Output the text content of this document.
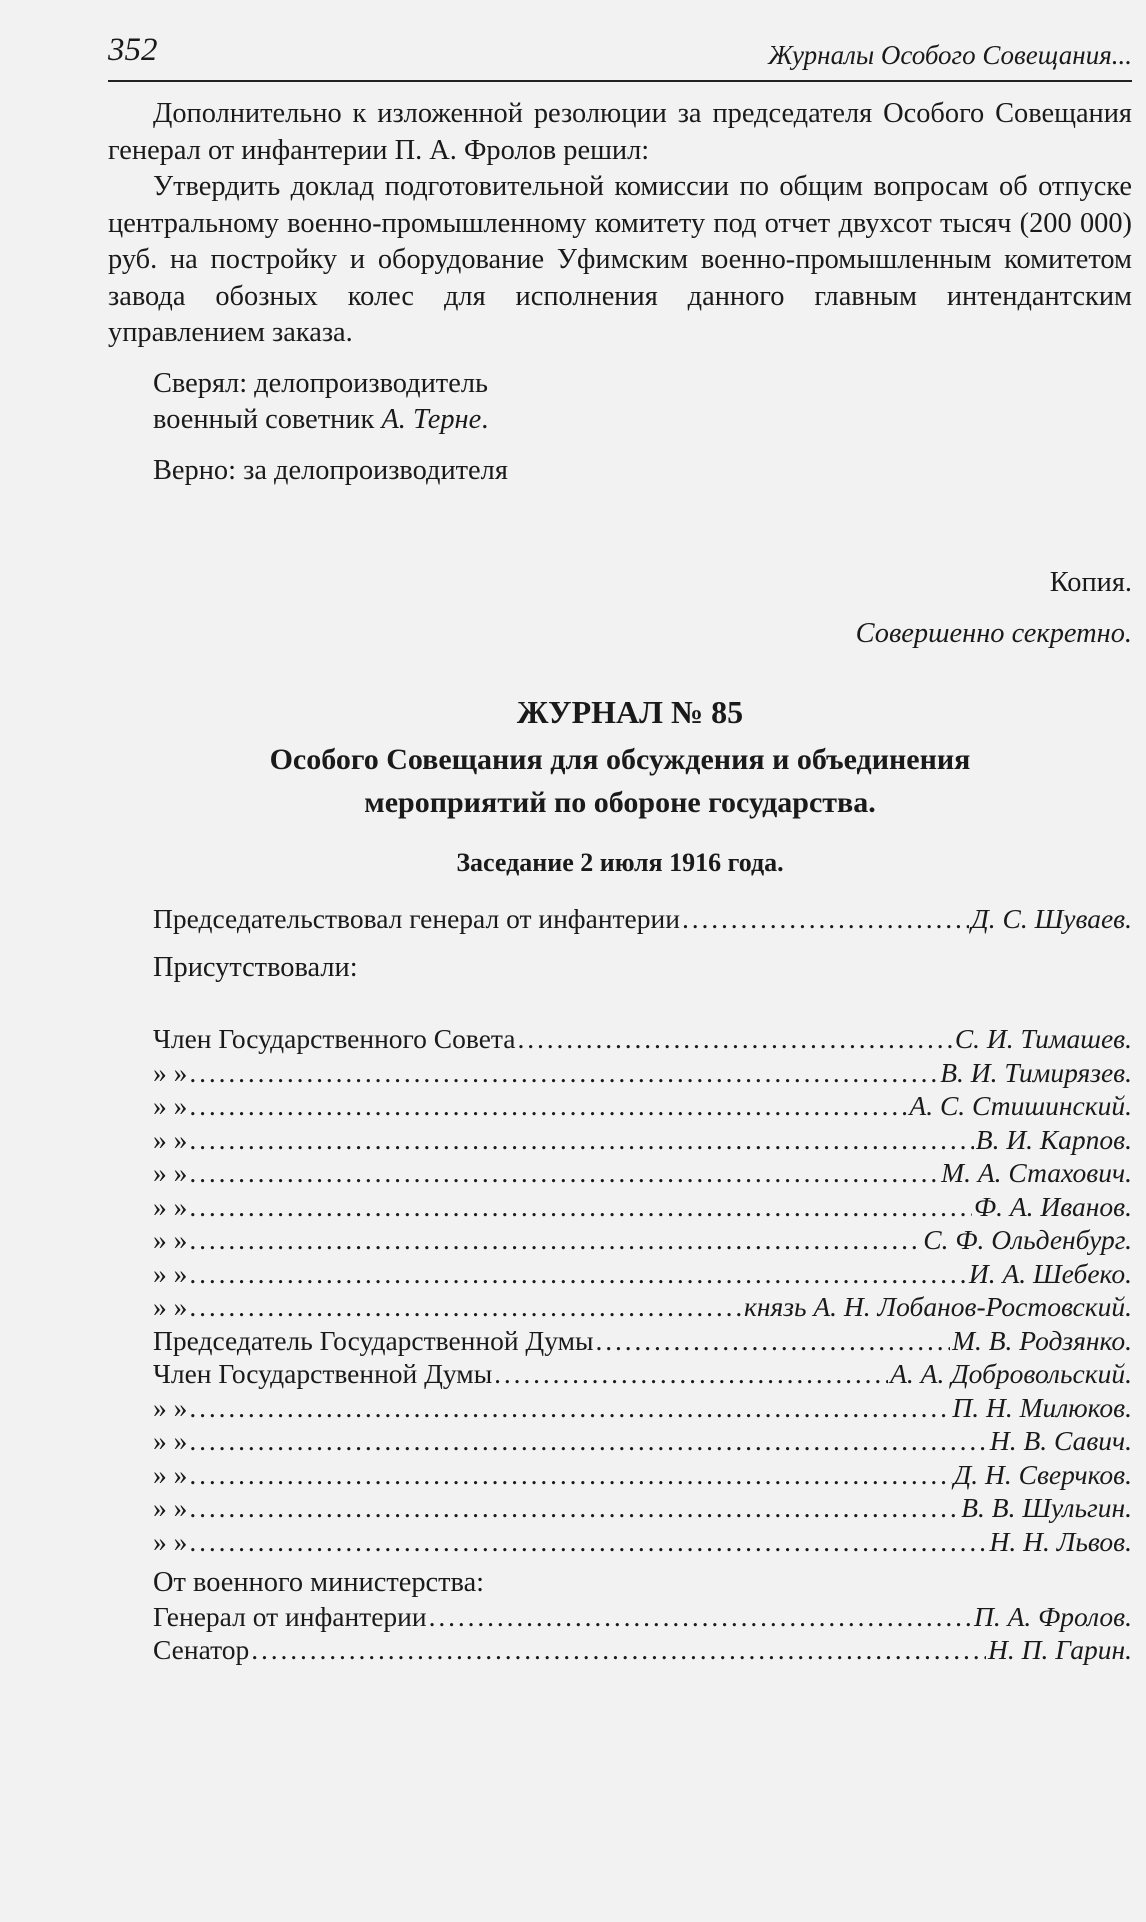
352	Журналы Особого Совещания...

Дополнительно к изложенной резолюции за председателя Особого Совещания генерал от инфантерии П. А. Фролов решил:

Утвердить доклад подготовительной комиссии по общим вопросам об отпуске центральному военно-промышленному комитету под отчет двухсот тысяч (200 000) руб. на постройку и оборудование Уфимским военно-промышленным комитетом завода обозных колес для исполнения данного главным интендантским управлением заказа.

Сверял: делопроизводитель

военный советник А. Терне.

Верно: за делопроизводителя

Копия.

Совершенно секретно.

ЖУРНАЛ № 85

Особого Совещания для обсуждения и объединения

мероприятий по обороне государства.

Заседание 2 июля 1916 года.

Председательствовал генерал от инфантерии . . .	Д. С. Шуваев.

Присутствовали:

Член Государственного Совета . . .	С. И. Тимашев.
» » . . .	В. И. Тимирязев.
» » . . .	А. С. Стишинский.
» » . . .	В. И. Карпов.
» » . . .	М. А. Стахович.
» » . . .	Ф. А. Иванов.
» » . . .	С. Ф. Ольденбург.
» » . . .	И. А. Шебеко.
» » . . .	князь А. Н. Лобанов-Ростовский.
Председатель Государственной Думы . . .	М. В. Родзянко.
Член Государственной Думы . . .	А. А. Добровольский.
» » . . .	П. Н. Милюков.
» » . . .	Н. В. Савич.
» » . . .	Д. Н. Сверчков.
» » . . .	В. В. Шульгин.
» » . . .	Н. Н. Львов.

От военного министерства:

Генерал от инфантерии . . .	П. А. Фролов.
Сенатор . . .	Н. П. Гарин.
